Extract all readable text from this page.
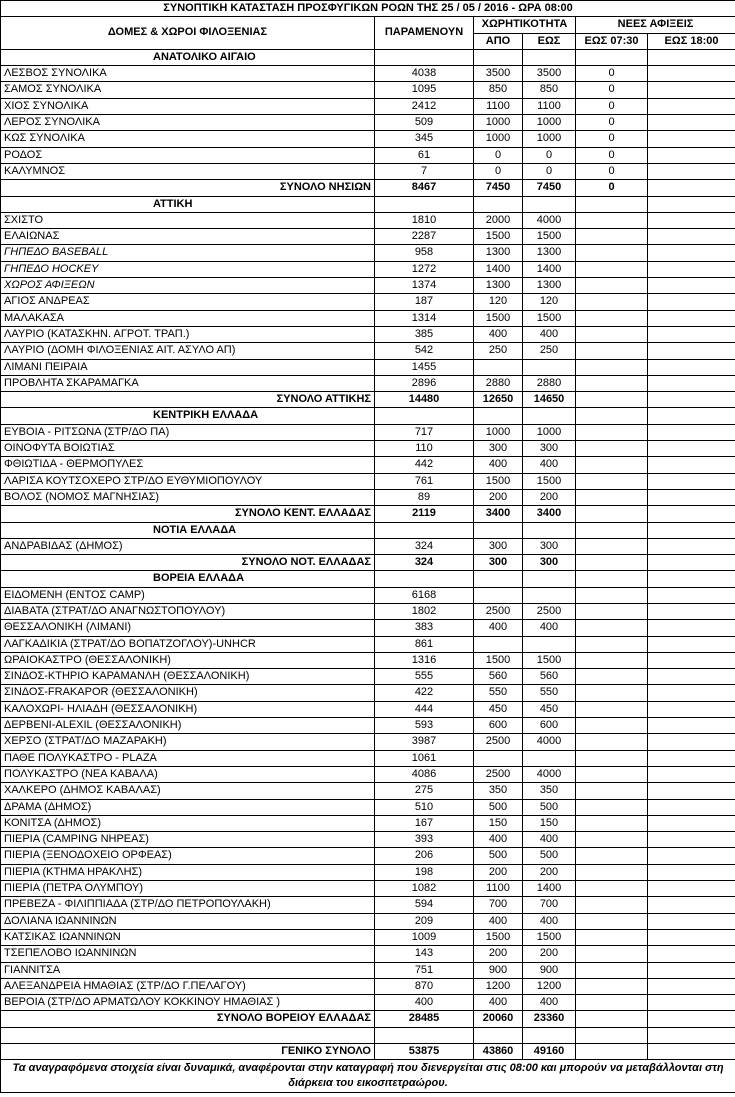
ΣΥΝΟΠΤΙΚΗ ΚΑΤΑΣΤΑΣΗ ΠΡΟΣΦΥΓΙΚΩΝ ΡΟΩΝ ΤΗΣ 25 / 05 / 2016 - ΩΡΑ 08:00					
ΔΟΜΕΣ & ΧΩΡΟΙ ΦΙΛΟΞΕΝΙΑΣ	ΠΑΡΑΜΕΝΟΥΝ	ΧΩΡΗΤΙΚΟΤΗΤΑ		ΝΕΕΣ ΑΦΙΞΕΙΣ	
		ΑΠΟ	ΕΩΣ	ΕΩΣ 07:30	ΕΩΣ 18:00
ΑΝΑΤΟΛΙΚΟ ΑΙΓΑΙΟ					
ΛΕΣΒΟΣ ΣΥΝΟΛΙΚΑ	4038	3500	3500	0	
ΣΑΜΟΣ ΣΥΝΟΛΙΚΑ	1095	850	850	0	
ΧΙΟΣ ΣΥΝΟΛΙΚΑ	2412	1100	1100	0	
ΛΕΡΟΣ ΣΥΝΟΛΙΚΑ	509	1000	1000	0	
ΚΩΣ ΣΥΝΟΛΙΚΑ	345	1000	1000	0	
ΡΟΔΟΣ	61	0	0	0	
ΚΑΛΥΜΝΟΣ	7	0	0	0	
ΣΥΝΟΛΟ ΝΗΣΙΩΝ	8467	7450	7450	0	
ΑΤΤΙΚΗ					
ΣΧΙΣΤΟ	1810	2000	4000		
ΕΛΑΙΩΝΑΣ	2287	1500	1500		
ΓΗΠΕΔΟ BASEBALL	958	1300	1300		
ΓΗΠΕΔΟ HOCKEY	1272	1400	1400		
ΧΩΡΟΣ ΑΦΙΞΕΩΝ	1374	1300	1300		
ΑΓΙΟΣ ΑΝΔΡΕΑΣ	187	120	120		
ΜΑΛΑΚΑΣΑ	1314	1500	1500		
ΛΑΥΡΙΟ (ΚΑΤΑΣΚΗΝ. ΑΓΡΟΤ. ΤΡΑΠ.)	385	400	400		
ΛΑΥΡΙΟ (ΔΟΜΗ ΦΙΛΟΞΕΝΙΑΣ ΑΙΤ. ΑΣΥΛΟ ΑΠ)	542	250	250		
ΛΙΜΑΝΙ ΠΕΙΡΑΙΑ	1455				
ΠΡΟΒΛΗΤΑ ΣΚΑΡΑΜΑΓΚΑ	2896	2880	2880		
ΣΥΝΟΛΟ ΑΤΤΙΚΗΣ	14480	12650	14650		
ΚΕΝΤΡΙΚΗ ΕΛΛΑΔΑ					
ΕΥΒΟΙΑ - ΡΙΤΣΩΝΑ (ΣΤΡ/ΔΟ ΠΑ)	717	1000	1000		
ΟΙΝΟΦΥΤΑ ΒΟΙΩΤΙΑΣ	110	300	300		
ΦΘΙΩΤΙΔΑ - ΘΕΡΜΟΠΥΛΕΣ	442	400	400		
ΛΑΡΙΣΑ ΚΟΥΤΣΟΧΕΡΟ ΣΤΡ/ΔΟ ΕΥΘΥΜΙΟΠΟΥΛΟΥ	761	1500	1500		
ΒΟΛΟΣ (ΝΟΜΟΣ ΜΑΓΝΗΣΙΑΣ)	89	200	200		
ΣΥΝΟΛΟ ΚΕΝΤ. ΕΛΛΑΔΑΣ	2119	3400	3400		
ΝΟΤΙΑ ΕΛΛΑΔΑ					
ΑΝΔΡΑΒΙΔΑΣ (ΔΗΜΟΣ)	324	300	300		
ΣΥΝΟΛΟ ΝΟΤ. ΕΛΛΑΔΑΣ	324	300	300		
ΒΟΡΕΙΑ ΕΛΛΑΔΑ					
ΕΙΔΟΜΕΝΗ (ΕΝΤΟΣ CAMP)	6168				
ΔΙΑΒΑΤΑ (ΣΤΡΑΤ/ΔΟ ΑΝΑΓΝΩΣΤΟΠΟΥΛΟΥ)	1802	2500	2500		
ΘΕΣΣΑΛΟΝΙΚΗ (ΛΙΜΑΝΙ)	383	400	400		
ΛΑΓΚΑΔΙΚΙΑ (ΣΤΡΑΤ/ΔΟ ΒΟΠΑΤΖΟΓΛΟΥ)-UNHCR	861				
ΩΡΑΙΟΚΑΣΤΡΟ (ΘΕΣΣΑΛΟΝΙΚΗ)	1316	1500	1500		
ΣΙΝΔΟΣ-ΚΤΗΡΙΟ ΚΑΡΑΜΑΝΛΗ (ΘΕΣΣΑΛΟΝΙΚΗ)	555	560	560		
ΣΙΝΔΟΣ-FRAKAPOR (ΘΕΣΣΑΛΟΝΙΚΗ)	422	550	550		
ΚΑΛΟΧΩΡΙ- ΗΛΙΑΔΗ (ΘΕΣΣΑΛΟΝΙΚΗ)	444	450	450		
ΔΕΡΒΕΝΙ-ALEXIL (ΘΕΣΣΑΛΟΝΙΚΗ)	593	600	600		
ΧΕΡΣΟ (ΣΤΡΑΤ/ΔΟ ΜΑΖΑΡΑΚΗ)	3987	2500	4000		
ΠΑΘΕ ΠΟΛΥΚΑΣΤΡΟ - PLAZA	1061				
ΠΟΛΥΚΑΣΤΡΟ (ΝΕΑ ΚΑΒΑΛΑ)	4086	2500	4000		
ΧΑΛΚΕΡΟ (ΔΗΜΟΣ ΚΑΒΑΛΑΣ)	275	350	350		
ΔΡΑΜΑ (ΔΗΜΟΣ)	510	500	500		
ΚΟΝΙΤΣΑ (ΔΗΜΟΣ)	167	150	150		
ΠΙΕΡΙΑ (CAMPING ΝΗΡΕΑΣ)	393	400	400		
ΠΙΕΡΙΑ (ΞΕΝΟΔΟΧΕΙΟ ΟΡΦΕΑΣ)	206	500	500		
ΠΙΕΡΙΑ (ΚΤΗΜΑ ΗΡΑΚΛΗΣ)	198	200	200		
ΠΙΕΡΙΑ (ΠΕΤΡΑ ΟΛΥΜΠΟΥ)	1082	1100	1400		
ΠΡΕΒΕΖΑ - ΦΙΛΙΠΠΙΑΔΑ (ΣΤΡ/ΔΟ ΠΕΤΡΟΠΟΥΛΑΚΗ)	594	700	700		
ΔΟΛΙΑΝΑ ΙΩΑΝΝΙΝΩΝ	209	400	400		
ΚΑΤΣΙΚΑΣ ΙΩΑΝΝΙΝΩΝ	1009	1500	1500		
ΤΣΕΠΕΛΟΒΟ ΙΩΑΝΝΙΝΩΝ	143	200	200		
ΓΙΑΝΝΙΤΣΑ	751	900	900		
ΑΛΕΞΑΝΔΡΕΙΑ ΗΜΑΘΙΑΣ (ΣΤΡ/ΔΟ Γ.ΠΕΛΑΓΟΥ)	870	1200	1200		
ΒΕΡΟΙΑ (ΣΤΡ/ΔΟ ΑΡΜΑΤΩΛΟΥ ΚΟΚΚΙΝΟΥ ΗΜΑΘΙΑΣ )	400	400	400		
ΣΥΝΟΛΟ ΒΟΡΕΙΟΥ ΕΛΛΑΔΑΣ	28485	20060	23360		

ΓΕΝΙΚΟ ΣΥΝΟΛΟ	53875	43860	49160		
Τα αναγραφόμενα στοιχεία είναι δυναμικά, αναφέρονται στην καταγραφή που διενεργείται στις 08:00 και μπορούν να μεταβάλλονται στη διάρκεια του εικοσιτετραώρου.					
